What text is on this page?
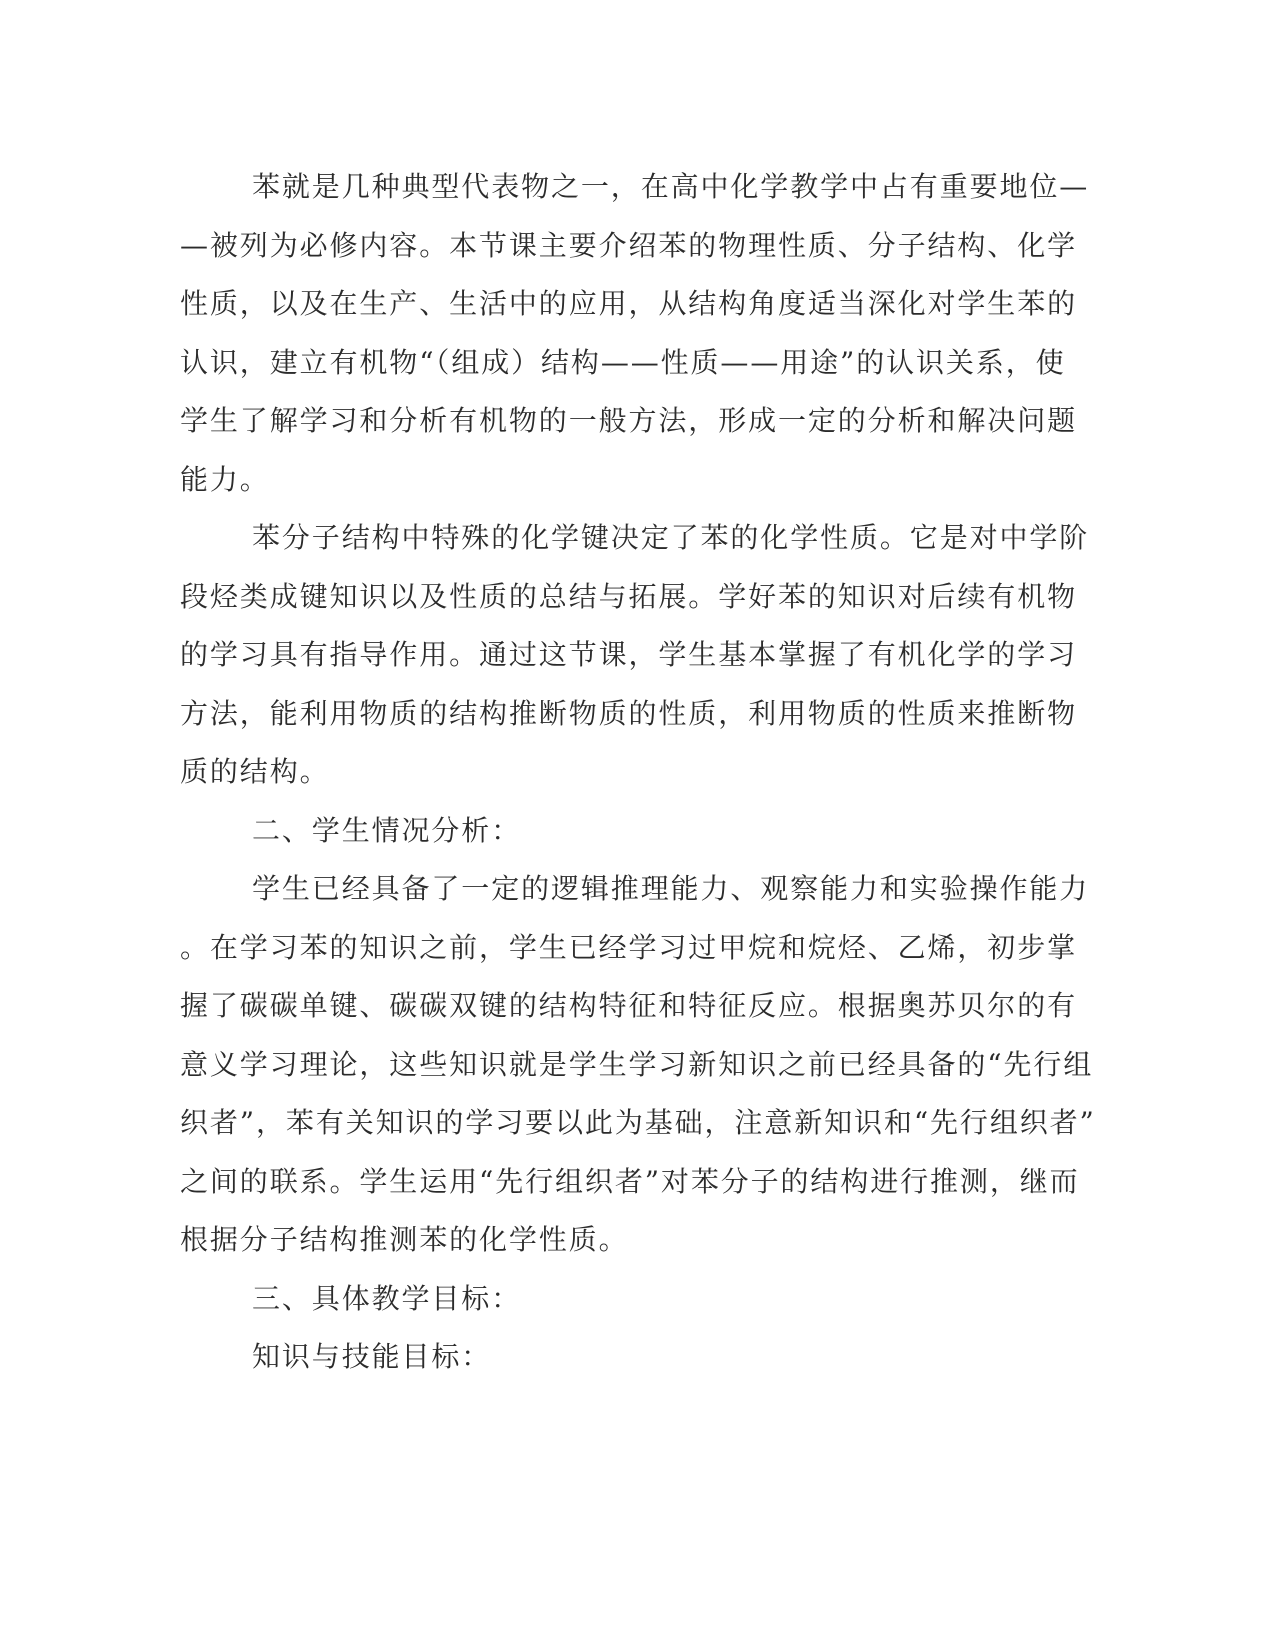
苯就是几种典型代表物之一，在高中化学教学中占有重要地位—
—被列为必修内容。本节课主要介绍苯的物理性质、分子结构、化学
性质，以及在生产、生活中的应用，从结构角度适当深化对学生苯的
认识，建立有机物“（组成）结构——性质——用途”的认识关系，使
学生了解学习和分析有机物的一般方法，形成一定的分析和解决问题
能力。
苯分子结构中特殊的化学键决定了苯的化学性质。它是对中学阶
段烃类成键知识以及性质的总结与拓展。学好苯的知识对后续有机物
的学习具有指导作用。通过这节课，学生基本掌握了有机化学的学习
方法，能利用物质的结构推断物质的性质，利用物质的性质来推断物
质的结构。
二、学生情况分析：
学生已经具备了一定的逻辑推理能力、观察能力和实验操作能力
。在学习苯的知识之前，学生已经学习过甲烷和烷烃、乙烯，初步掌
握了碳碳单键、碳碳双键的结构特征和特征反应。根据奥苏贝尔的有
意义学习理论，这些知识就是学生学习新知识之前已经具备的“先行组
织者”，苯有关知识的学习要以此为基础，注意新知识和“先行组织者”
之间的联系。学生运用“先行组织者”对苯分子的结构进行推测，继而
根据分子结构推测苯的化学性质。
三、具体教学目标：
知识与技能目标：
